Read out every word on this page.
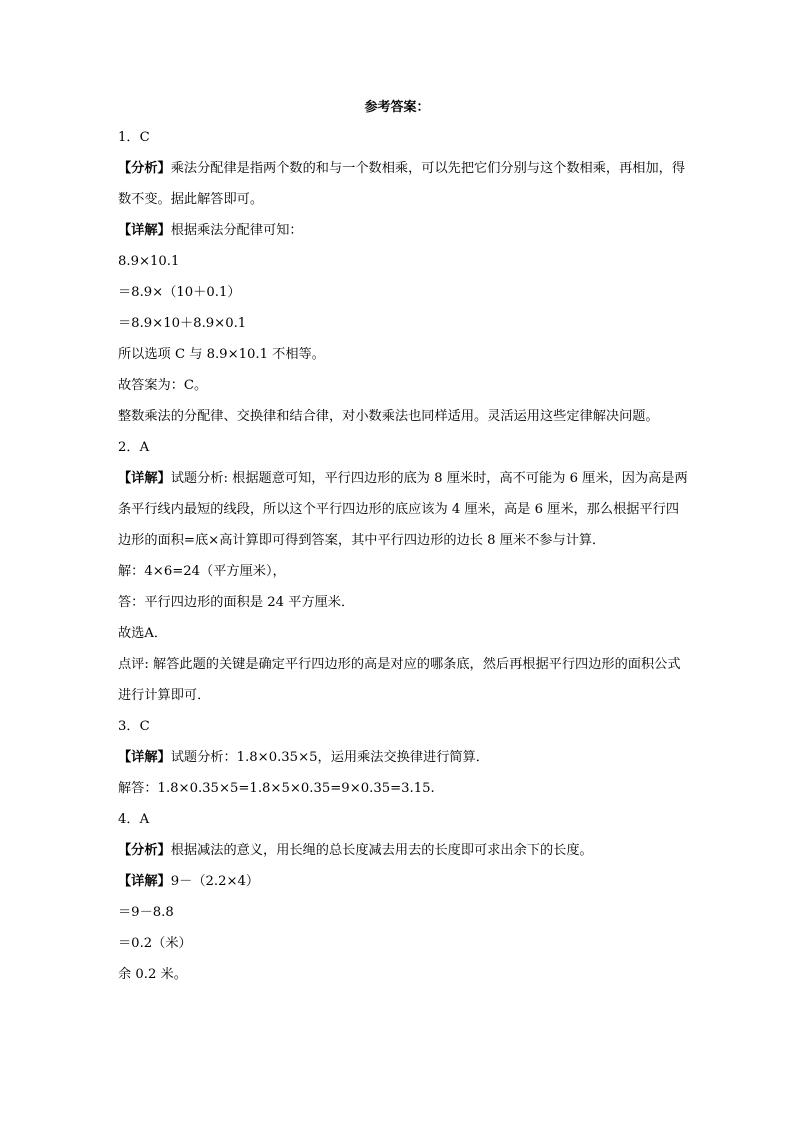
参考答案：
1．C
【分析】乘法分配律是指两个数的和与一个数相乘，可以先把它们分别与这个数相乘，再相加，得数不变。据此解答即可。
【详解】根据乘法分配律可知：
8.9×10.1
＝8.9×（10＋0.1）
＝8.9×10＋8.9×0.1
所以选项 C 与 8.9×10.1 不相等。
故答案为：C。
整数乘法的分配律、交换律和结合律，对小数乘法也同样适用。灵活运用这些定律解决问题。
2．A
【详解】试题分析: 根据题意可知，平行四边形的底为 8 厘米时，高不可能为 6 厘米，因为高是两条平行线内最短的线段，所以这个平行四边形的底应该为 4 厘米，高是 6 厘米，那么根据平行四边形的面积=底×高计算即可得到答案，其中平行四边形的边长 8 厘米不参与计算．
解：4×6=24（平方厘米），
答：平行四边形的面积是 24 平方厘米．
故选A．
点评: 解答此题的关键是确定平行四边形的高是对应的哪条底，然后再根据平行四边形的面积公式进行计算即可．
3．C
【详解】试题分析：1.8×0.35×5，运用乘法交换律进行简算．
解答：1.8×0.35×5=1.8×5×0.35=9×0.35=3.15.
4．A
【分析】根据减法的意义，用长绳的总长度减去用去的长度即可求出余下的长度。
【详解】9－（2.2×4）
＝9－8.8
＝0.2（米）
余 0.2 米。
